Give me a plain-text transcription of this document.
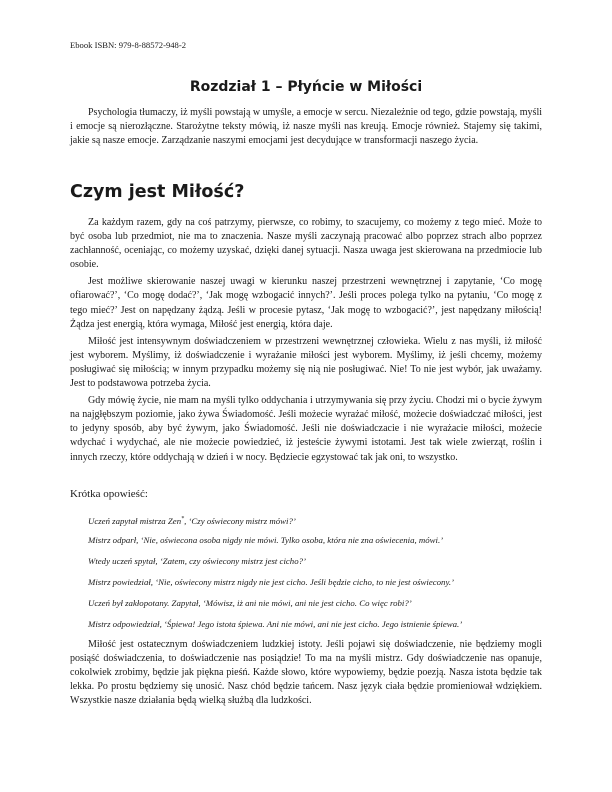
Ebook ISBN: 979-8-88572-948-2
Rozdział 1 – Płyńcie w Miłości

Psychologia tłumaczy, iż myśli powstają w umyśle, a emocje w sercu. Niezależnie od tego, gdzie powstają, myśli i emocje są nierozłączne. Starożytne teksty mówią, iż nasze myśli nas kreują. Emocje również. Stajemy się takimi, jakie są nasze emocje. Zarządzanie naszymi emocjami jest decydujące w transformacji naszego życia.

Czym jest Miłość?

Za każdym razem, gdy na coś patrzymy, pierwsze, co robimy, to szacujemy, co możemy z tego mieć. Może to być osoba lub przedmiot, nie ma to znaczenia. Nasze myśli zaczynają pracować albo poprzez strach albo poprzez zachłanność, oceniając, co możemy uzyskać, dzięki danej sytuacji. Nasza uwaga jest skierowana na przedmiocie lub osobie.

Jest możliwe skierowanie naszej uwagi w kierunku naszej przestrzeni wewnętrznej i zapytanie, ‘Co mogę ofiarować?’, ‘Co mogę dodać?’, ‘Jak mogę wzbogacić innych?’. Jeśli proces polega tylko na pytaniu, ‘Co mogę z tego mieć?’ Jest on napędzany żądzą. Jeśli w procesie pytasz, ‘Jak mogę to wzbogacić?’, jest napędzany miłością! Żądza jest energią, która wymaga, Miłość jest energią, która daje.

Miłość jest intensywnym doświadczeniem w przestrzeni wewnętrznej człowieka. Wielu z nas myśli, iż miłość jest wyborem. Myślimy, iż doświadczenie i wyrażanie miłości jest wyborem. Myślimy, iż jeśli chcemy, możemy posługiwać się miłością; w innym przypadku możemy się nią nie posługiwać. Nie! To nie jest wybór, jak uważamy. Jest to podstawowa potrzeba życia.

Gdy mówię życie, nie mam na myśli tylko oddychania i utrzymywania się przy życiu. Chodzi mi o bycie żywym na najgłębszym poziomie, jako żywa Świadomość. Jeśli możecie wyrażać miłość, możecie doświadczać miłości, jest to jedyny sposób, aby być żywym, jako Świadomość. Jeśli nie doświadczacie i nie wyrażacie miłości, możecie wdychać i wydychać, ale nie możecie powiedzieć, iż jesteście żywymi istotami. Jest tak wiele zwierząt, roślin i innych rzeczy, które oddychają w dzień i w nocy. Będziecie egzystować tak jak oni, to wszystko.

Krótka opowieść:
Uczeń zapytał mistrza Zen*, ‘Czy oświecony mistrz mówi?’
Mistrz odparł, ‘Nie, oświecona osoba nigdy nie mówi. Tylko osoba, która nie zna oświecenia, mówi.’
Wtedy uczeń spytał, ‘Zatem, czy oświecony mistrz jest cicho?’
Mistrz powiedział, ‘Nie, oświecony mistrz nigdy nie jest cicho. Jeśli będzie cicho, to nie jest oświecony.’
Uczeń był zakłopotany. Zapytał, ‘Mówisz, iż ani nie mówi, ani nie jest cicho. Co więc robi?’
Mistrz odpowiedział, ‘Śpiewa! Jego istota śpiewa. Ani nie mówi, ani nie jest cicho. Jego istnienie śpiewa.’

Miłość jest ostatecznym doświadczeniem ludzkiej istoty. Jeśli pojawi się doświadczenie, nie będziemy mogli posiąść doświadczenia, to doświadczenie nas posiądzie! To ma na myśli mistrz. Gdy doświadczenie nas opanuje, cokolwiek zrobimy, będzie jak piękna pieśń. Każde słowo, które wypowiemy, będzie poezją. Nasza istota będzie tak lekka. Po prostu będziemy się unosić. Nasz chód będzie tańcem. Nasz język ciała będzie promieniował wdziękiem. Wszystkie nasze działania będą wielką służbą dla ludzkości.
